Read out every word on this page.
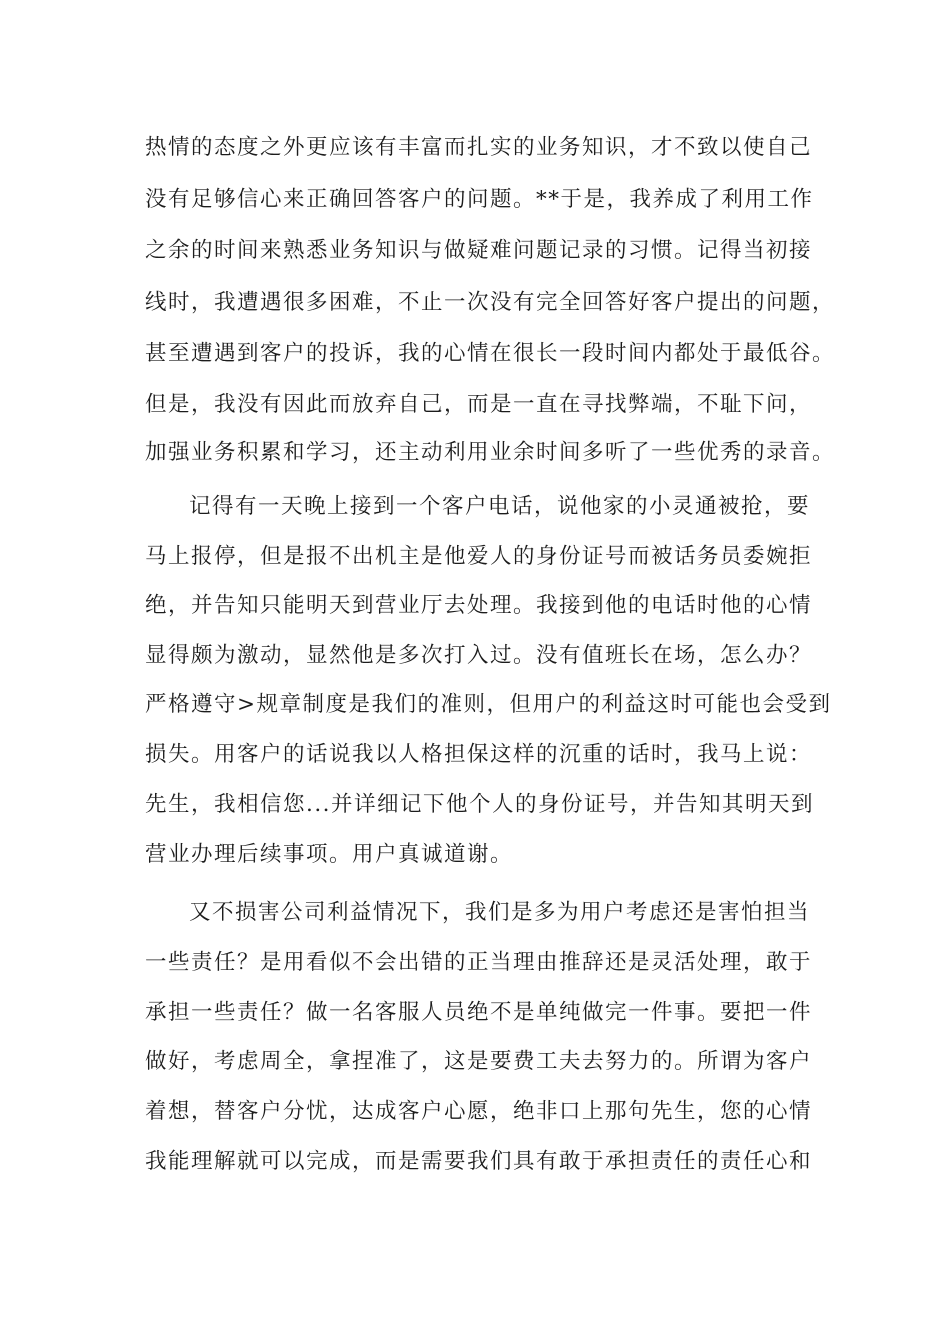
热情的态度之外更应该有丰富而扎实的业务知识，才不致以使自己
没有足够信心来正确回答客户的问题。**于是，我养成了利用工作
之余的时间来熟悉业务知识与做疑难问题记录的习惯。记得当初接
线时，我遭遇很多困难，不止一次没有完全回答好客户提出的问题，
甚至遭遇到客户的投诉，我的心情在很长一段时间内都处于最低谷。
但是，我没有因此而放弃自己，而是一直在寻找弊端，不耻下问，
加强业务积累和学习，还主动利用业余时间多听了一些优秀的录音。
记得有一天晚上接到一个客户电话，说他家的小灵通被抢，要
马上报停，但是报不出机主是他爱人的身份证号而被话务员委婉拒
绝，并告知只能明天到营业厅去处理。我接到他的电话时他的心情
显得颇为激动，显然他是多次打入过。没有值班长在场，怎么办？
严格遵守>规章制度是我们的准则，但用户的利益这时可能也会受到
损失。用客户的话说我以人格担保这样的沉重的话时，我马上说：
先生，我相信您...并详细记下他个人的身份证号，并告知其明天到
营业办理后续事项。用户真诚道谢。
又不损害公司利益情况下，我们是多为用户考虑还是害怕担当
一些责任？是用看似不会出错的正当理由推辞还是灵活处理，敢于
承担一些责任？做一名客服人员绝不是单纯做完一件事。要把一件
做好，考虑周全，拿捏准了，这是要费工夫去努力的。所谓为客户
着想，替客户分忧，达成客户心愿，绝非口上那句先生，您的心情
我能理解就可以完成，而是需要我们具有敢于承担责任的责任心和
